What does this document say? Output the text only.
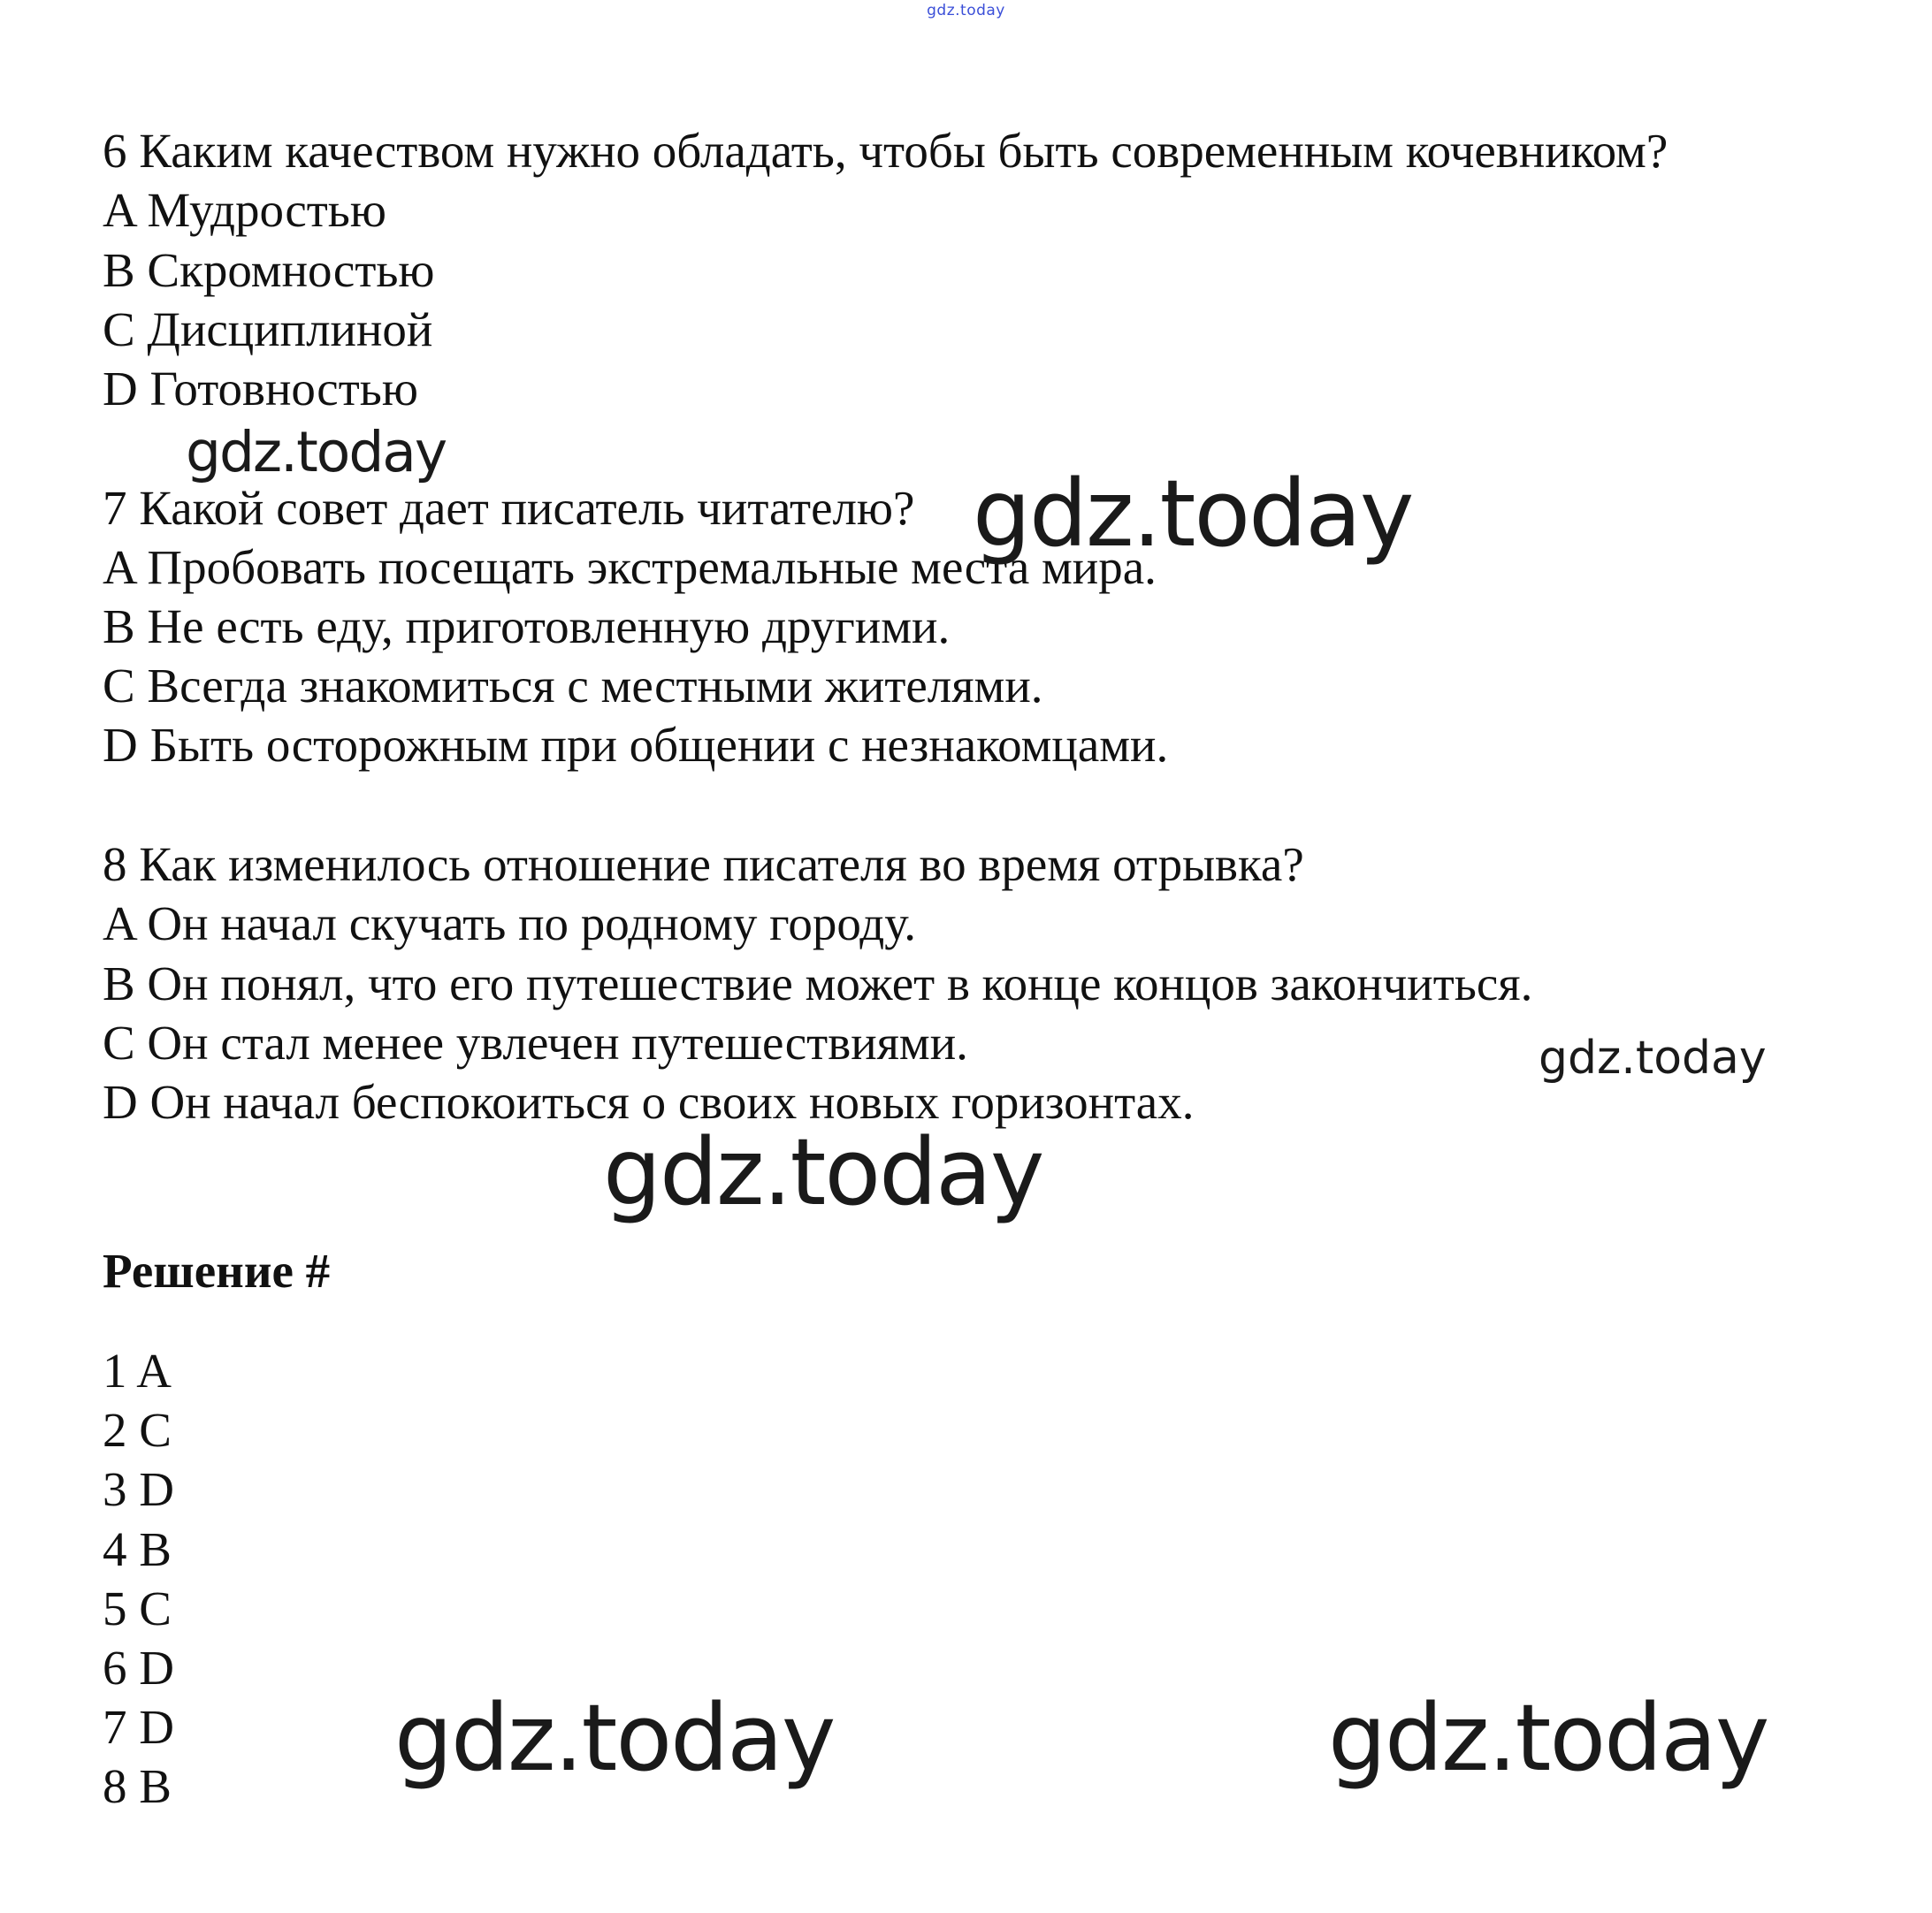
gdz.today
6 Каким качеством нужно обладать, чтобы быть современным кочевником?
A Мудростью
B Скромностью
C Дисциплиной
D Готовностью
7 Какой совет дает писатель читателю?
A Пробовать посещать экстремальные места мира.
B Не есть еду, приготовленную другими.
C Всегда знакомиться с местными жителями.
D Быть осторожным при общении с незнакомцами.
8 Как изменилось отношение писателя во время отрывка?
A Он начал скучать по родному городу.
B Он понял, что его путешествие может в конце концов закончиться.
C Он стал менее увлечен путешествиями.
D Он начал беспокоиться о своих новых горизонтах.
Решение #
1 A
2 C
3 D
4 B
5 C
6 D
7 D
8 B
gdz.today
gdz.today
gdz.today
gdz.today
gdz.today	gdz.today
